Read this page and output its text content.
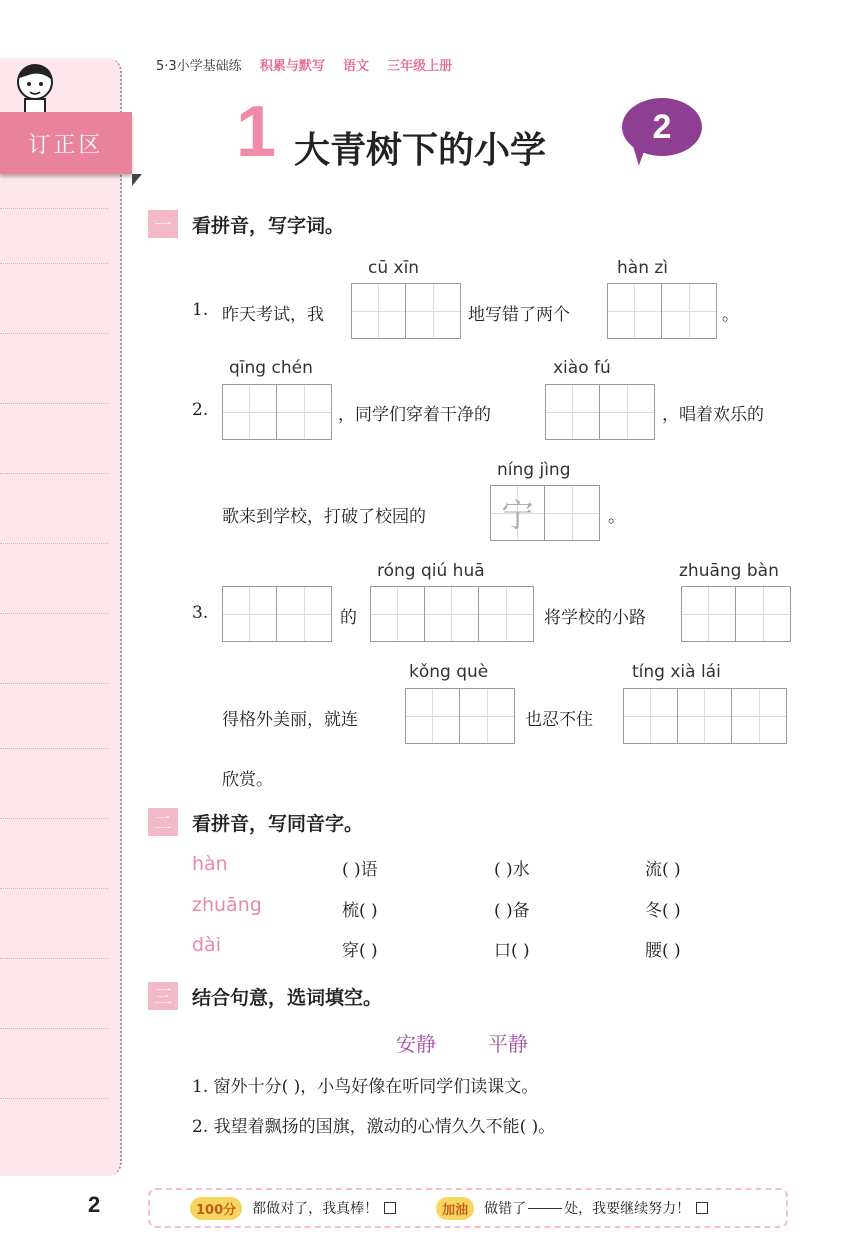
订正区
5·3小学基础练 积累与默写 语文 三年级上册
1 大青树下的小学
2
一	看拼音，写字词。
1. 昨天考试，我
cū xīn
地写错了两个
hàn zì
。
2.
qīng chén
，同学们穿着干净的
xiào fú
，唱着欢乐的
歌来到学校，打破了校园的
níng jìng
宁	。
3.	的
róng qiú huā
将学校的小路
zhuāng bàn
得格外美丽，就连
kǒng què
也忍不住
tíng xià lái
欣赏。
二	看拼音，写同音字。
hàn	( )语	( )水	流( )
zhuāng	梳( )	( )备	冬( )
dài	穿( )	口( )	腰( )
三	结合句意，选词填空。
安静	平静
1. 窗外十分( )，小鸟好像在听同学们读课文。
2. 我望着飘扬的国旗，激动的心情久久不能( )。
2	100分	都做对了，我真棒！	加油	做错了	处，我要继续努力！
